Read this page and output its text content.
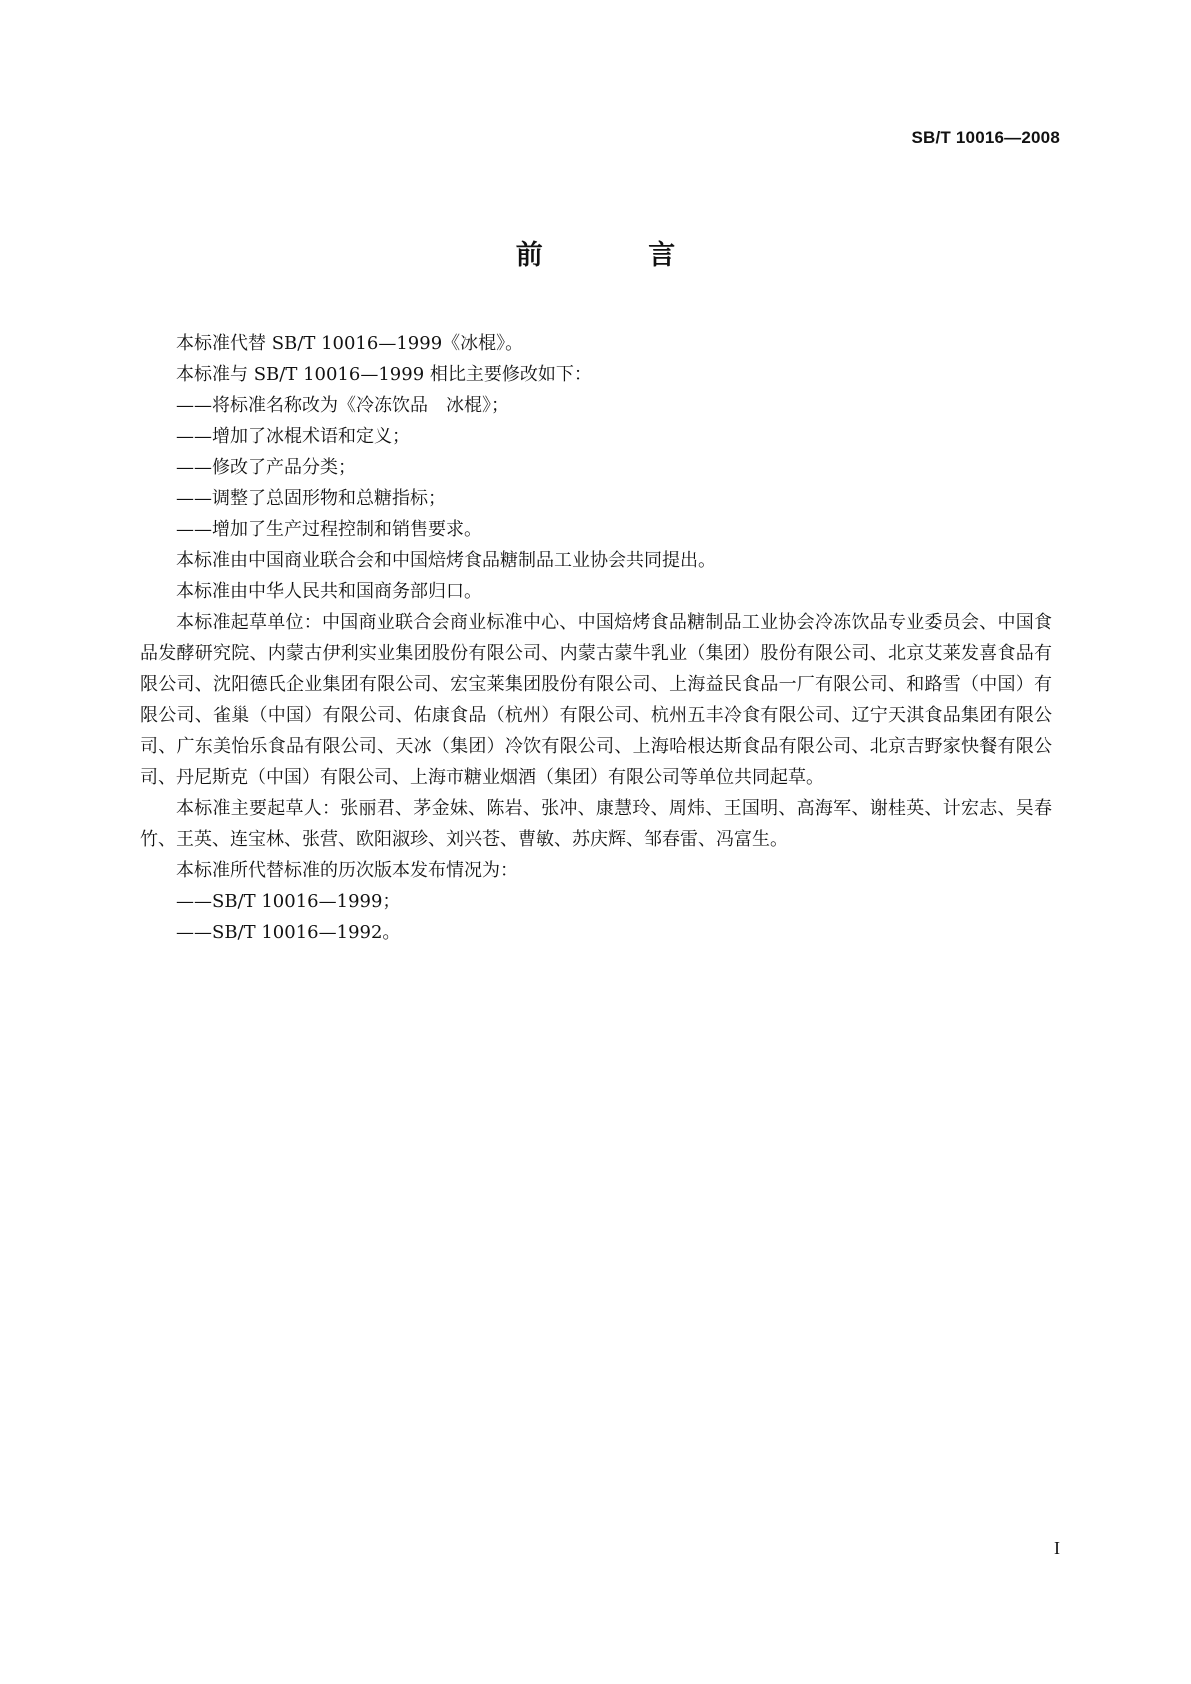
SB/T 10016—2008
前 言

本标准代替 SB/T 10016—1999《冰棍》。

本标准与 SB/T 10016—1999 相比主要修改如下：

——将标准名称改为《冷冻饮品　冰棍》；

——增加了冰棍术语和定义；

——修改了产品分类；

——调整了总固形物和总糖指标；

——增加了生产过程控制和销售要求。

本标准由中国商业联合会和中国焙烤食品糖制品工业协会共同提出。

本标准由中华人民共和国商务部归口。

本标准起草单位：中国商业联合会商业标准中心、中国焙烤食品糖制品工业协会冷冻饮品专业委员会、中国食品发酵研究院、内蒙古伊利实业集团股份有限公司、内蒙古蒙牛乳业（集团）股份有限公司、北京艾莱发喜食品有限公司、沈阳德氏企业集团有限公司、宏宝莱集团股份有限公司、上海益民食品一厂有限公司、和路雪（中国）有限公司、雀巢（中国）有限公司、佑康食品（杭州）有限公司、杭州五丰冷食有限公司、辽宁天淇食品集团有限公司、广东美怡乐食品有限公司、天冰（集团）冷饮有限公司、上海哈根达斯食品有限公司、北京吉野家快餐有限公司、丹尼斯克（中国）有限公司、上海市糖业烟酒（集团）有限公司等单位共同起草。

本标准主要起草人：张丽君、茅金妹、陈岩、张冲、康慧玲、周炜、王国明、高海军、谢桂英、计宏志、吴春竹、王英、连宝林、张营、欧阳淑珍、刘兴苍、曹敏、苏庆辉、邹春雷、冯富生。

本标准所代替标准的历次版本发布情况为：

——SB/T 10016—1999；

——SB/T 10016—1992。

I
